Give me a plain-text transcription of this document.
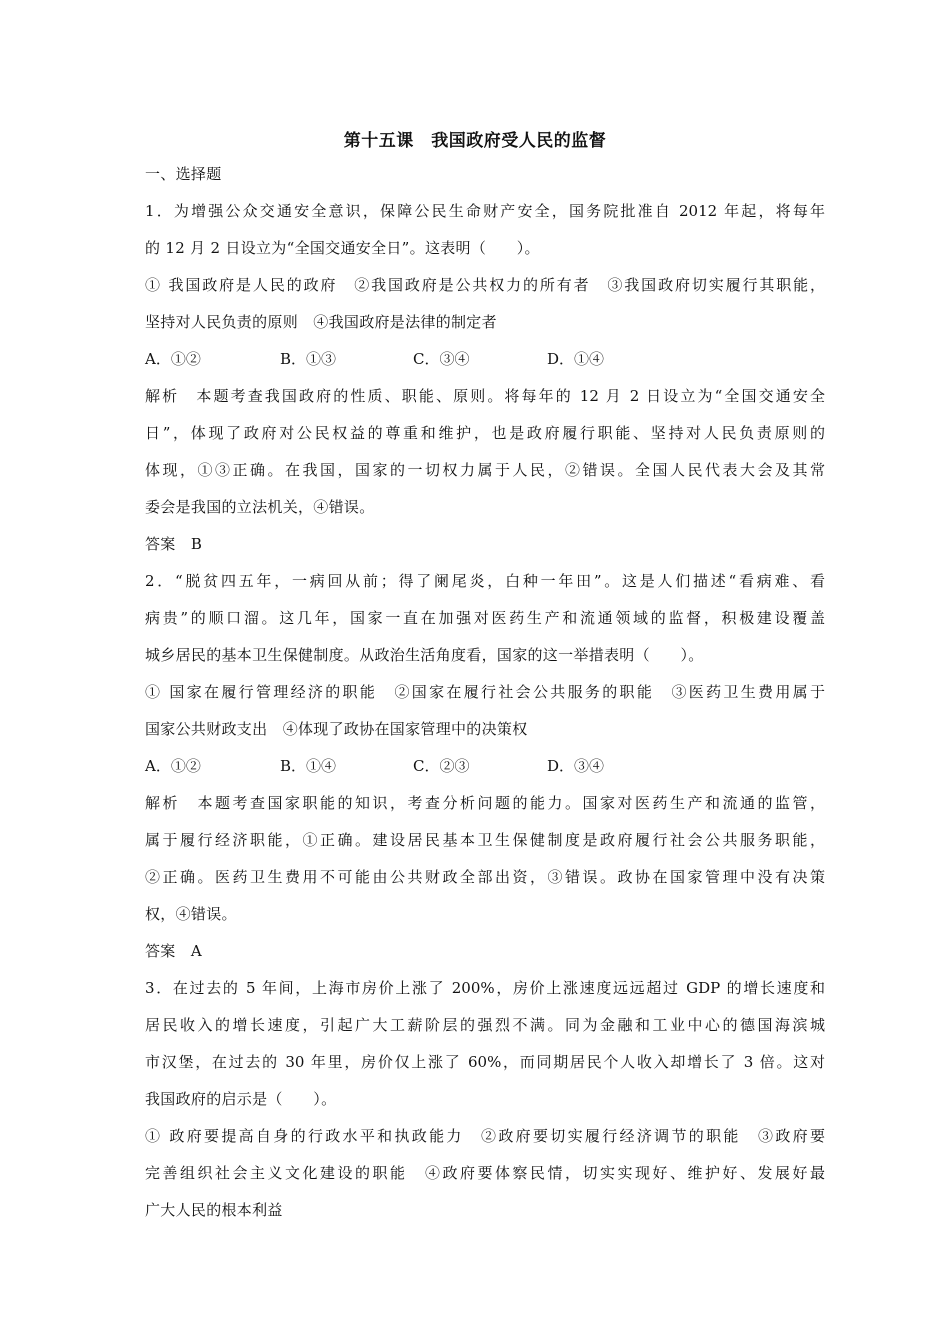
第十五课　我国政府受人民的监督
一、选择题
1．为增强公众交通安全意识，保障公民生命财产安全，国务院批准自 2012 年起，将每年
的 12 月 2 日设立为“全国交通安全日”。这表明（　　）。
① 我国政府是人民的政府　②我国政府是公共权力的所有者　③我国政府切实履行其职能，
坚持对人民负责的原则　④我国政府是法律的制定者
A．①②	B．①③	C．③④	D．①④
解析　本题考查我国政府的性质、职能、原则。将每年的 12 月 2 日设立为“全国交通安全
日”，体现了政府对公民权益的尊重和维护，也是政府履行职能、坚持对人民负责原则的
体现，①③正确。在我国，国家的一切权力属于人民，②错误。全国人民代表大会及其常
委会是我国的立法机关，④错误。
答案　B
2．“脱贫四五年，一病回从前；得了阑尾炎，白种一年田”。这是人们描述“看病难、看
病贵”的顺口溜。这几年，国家一直在加强对医药生产和流通领域的监督，积极建设覆盖
城乡居民的基本卫生保健制度。从政治生活角度看，国家的这一举措表明（　　）。
① 国家在履行管理经济的职能　②国家在履行社会公共服务的职能　③医药卫生费用属于
国家公共财政支出　④体现了政协在国家管理中的决策权
A．①②	B．①④	C．②③	D．③④
解析　本题考查国家职能的知识，考查分析问题的能力。国家对医药生产和流通的监管，
属于履行经济职能，①正确。建设居民基本卫生保健制度是政府履行社会公共服务职能，
②正确。医药卫生费用不可能由公共财政全部出资，③错误。政协在国家管理中没有决策
权，④错误。
答案　A
3．在过去的 5 年间，上海市房价上涨了 200%，房价上涨速度远远超过 GDP 的增长速度和
居民收入的增长速度，引起广大工薪阶层的强烈不满。同为金融和工业中心的德国海滨城
市汉堡，在过去的 30 年里，房价仅上涨了 60%，而同期居民个人收入却增长了 3 倍。这对
我国政府的启示是（　　）。
① 政府要提高自身的行政水平和执政能力　②政府要切实履行经济调节的职能　③政府要
完善组织社会主义文化建设的职能　④政府要体察民情，切实实现好、维护好、发展好最
广大人民的根本利益
